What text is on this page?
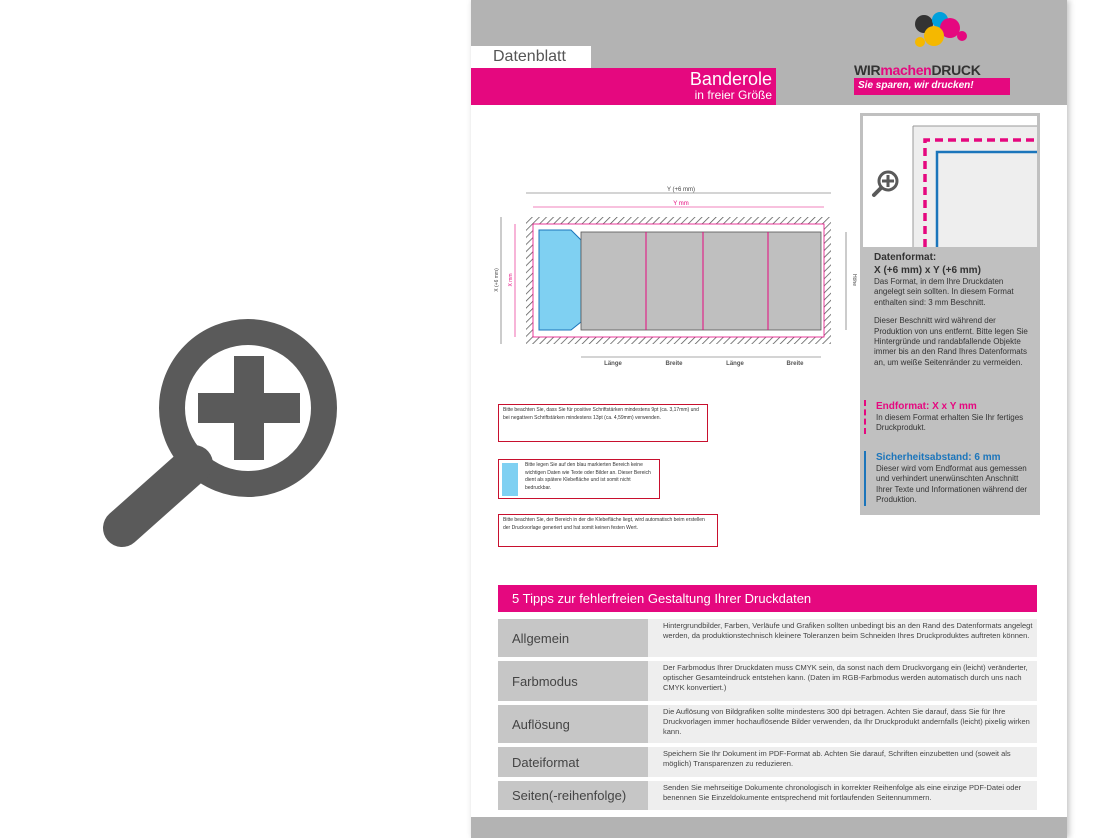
Datenblatt
Banderole
in freier Größe
WIRmachenDRUCK
Sie sparen, wir drucken!
Y (+6 mm)
Y mm
X (+6 mm) X mm	Höhe
Länge	Breite	Länge	Breite
Bitte beachten Sie, dass Sie für positive Schriftstärken mindestens 9pt (ca. 3,17mm) und bei negativen Schriftstärken mindestens 13pt (ca. 4,59mm) verwenden.
Bitte legen Sie auf den blau markierten Bereich keine wichtigen Daten wie Texte oder Bilder an. Dieser Bereich dient als spätere Klebefläche und ist somit nicht bedruckbar.
Bitte beachten Sie, der Bereich in der die Klebefläche liegt, wird automatisch beim erstellen der Druckvorlage generiert und hat somit keinen festen Wert.
Datenformat:
X (+6 mm) x Y (+6 mm)
Das Format, in dem Ihre Druckdaten angelegt sein sollten. In diesem Format enthalten sind: 3 mm Beschnitt.
Dieser Beschnitt wird während der Produktion von uns entfernt. Bitte legen Sie Hintergründe und randabfallende Objekte immer bis an den Rand Ihres Datenformats an, um weiße Seitenränder zu vermeiden.
Endformat: X x Y mm
In diesem Format erhalten Sie Ihr fertiges Druckprodukt.
Sicherheitsabstand: 6 mm
Dieser wird vom Endformat aus gemessen und verhindert unerwünschten Anschnitt Ihrer Texte und Informationen während der Produktion.
5 Tipps zur fehlerfreien Gestaltung Ihrer Druckdaten
Allgemein
Hintergrundbilder, Farben, Verläufe und Grafiken sollten unbedingt bis an den Rand des Datenformats angelegt werden, da produktionstechnisch kleinere Toleranzen beim Schneiden Ihres Druckproduktes auftreten können.
Farbmodus
Der Farbmodus Ihrer Druckdaten muss CMYK sein, da sonst nach dem Druckvorgang ein (leicht) veränderter, optischer Gesamteindruck entstehen kann. (Daten im RGB-Farbmodus werden automatisch durch uns nach CMYK konvertiert.)
Auflösung
Die Auflösung von Bildgrafiken sollte mindestens 300 dpi betragen. Achten Sie darauf, dass Sie für Ihre Druckvorlagen immer hochauflösende Bilder verwenden, da Ihr Druckprodukt andernfalls (leicht) pixelig wirken kann.
Dateiformat
Speichern Sie Ihr Dokument im PDF-Format ab. Achten Sie darauf, Schriften einzubetten und (soweit als möglich) Transparenzen zu reduzieren.
Seiten(-reihenfolge)
Senden Sie mehrseitige Dokumente chronologisch in korrekter Reihenfolge als eine einzige PDF-Datei oder benennen Sie Einzeldokumente entsprechend mit fortlaufenden Seitennummern.
